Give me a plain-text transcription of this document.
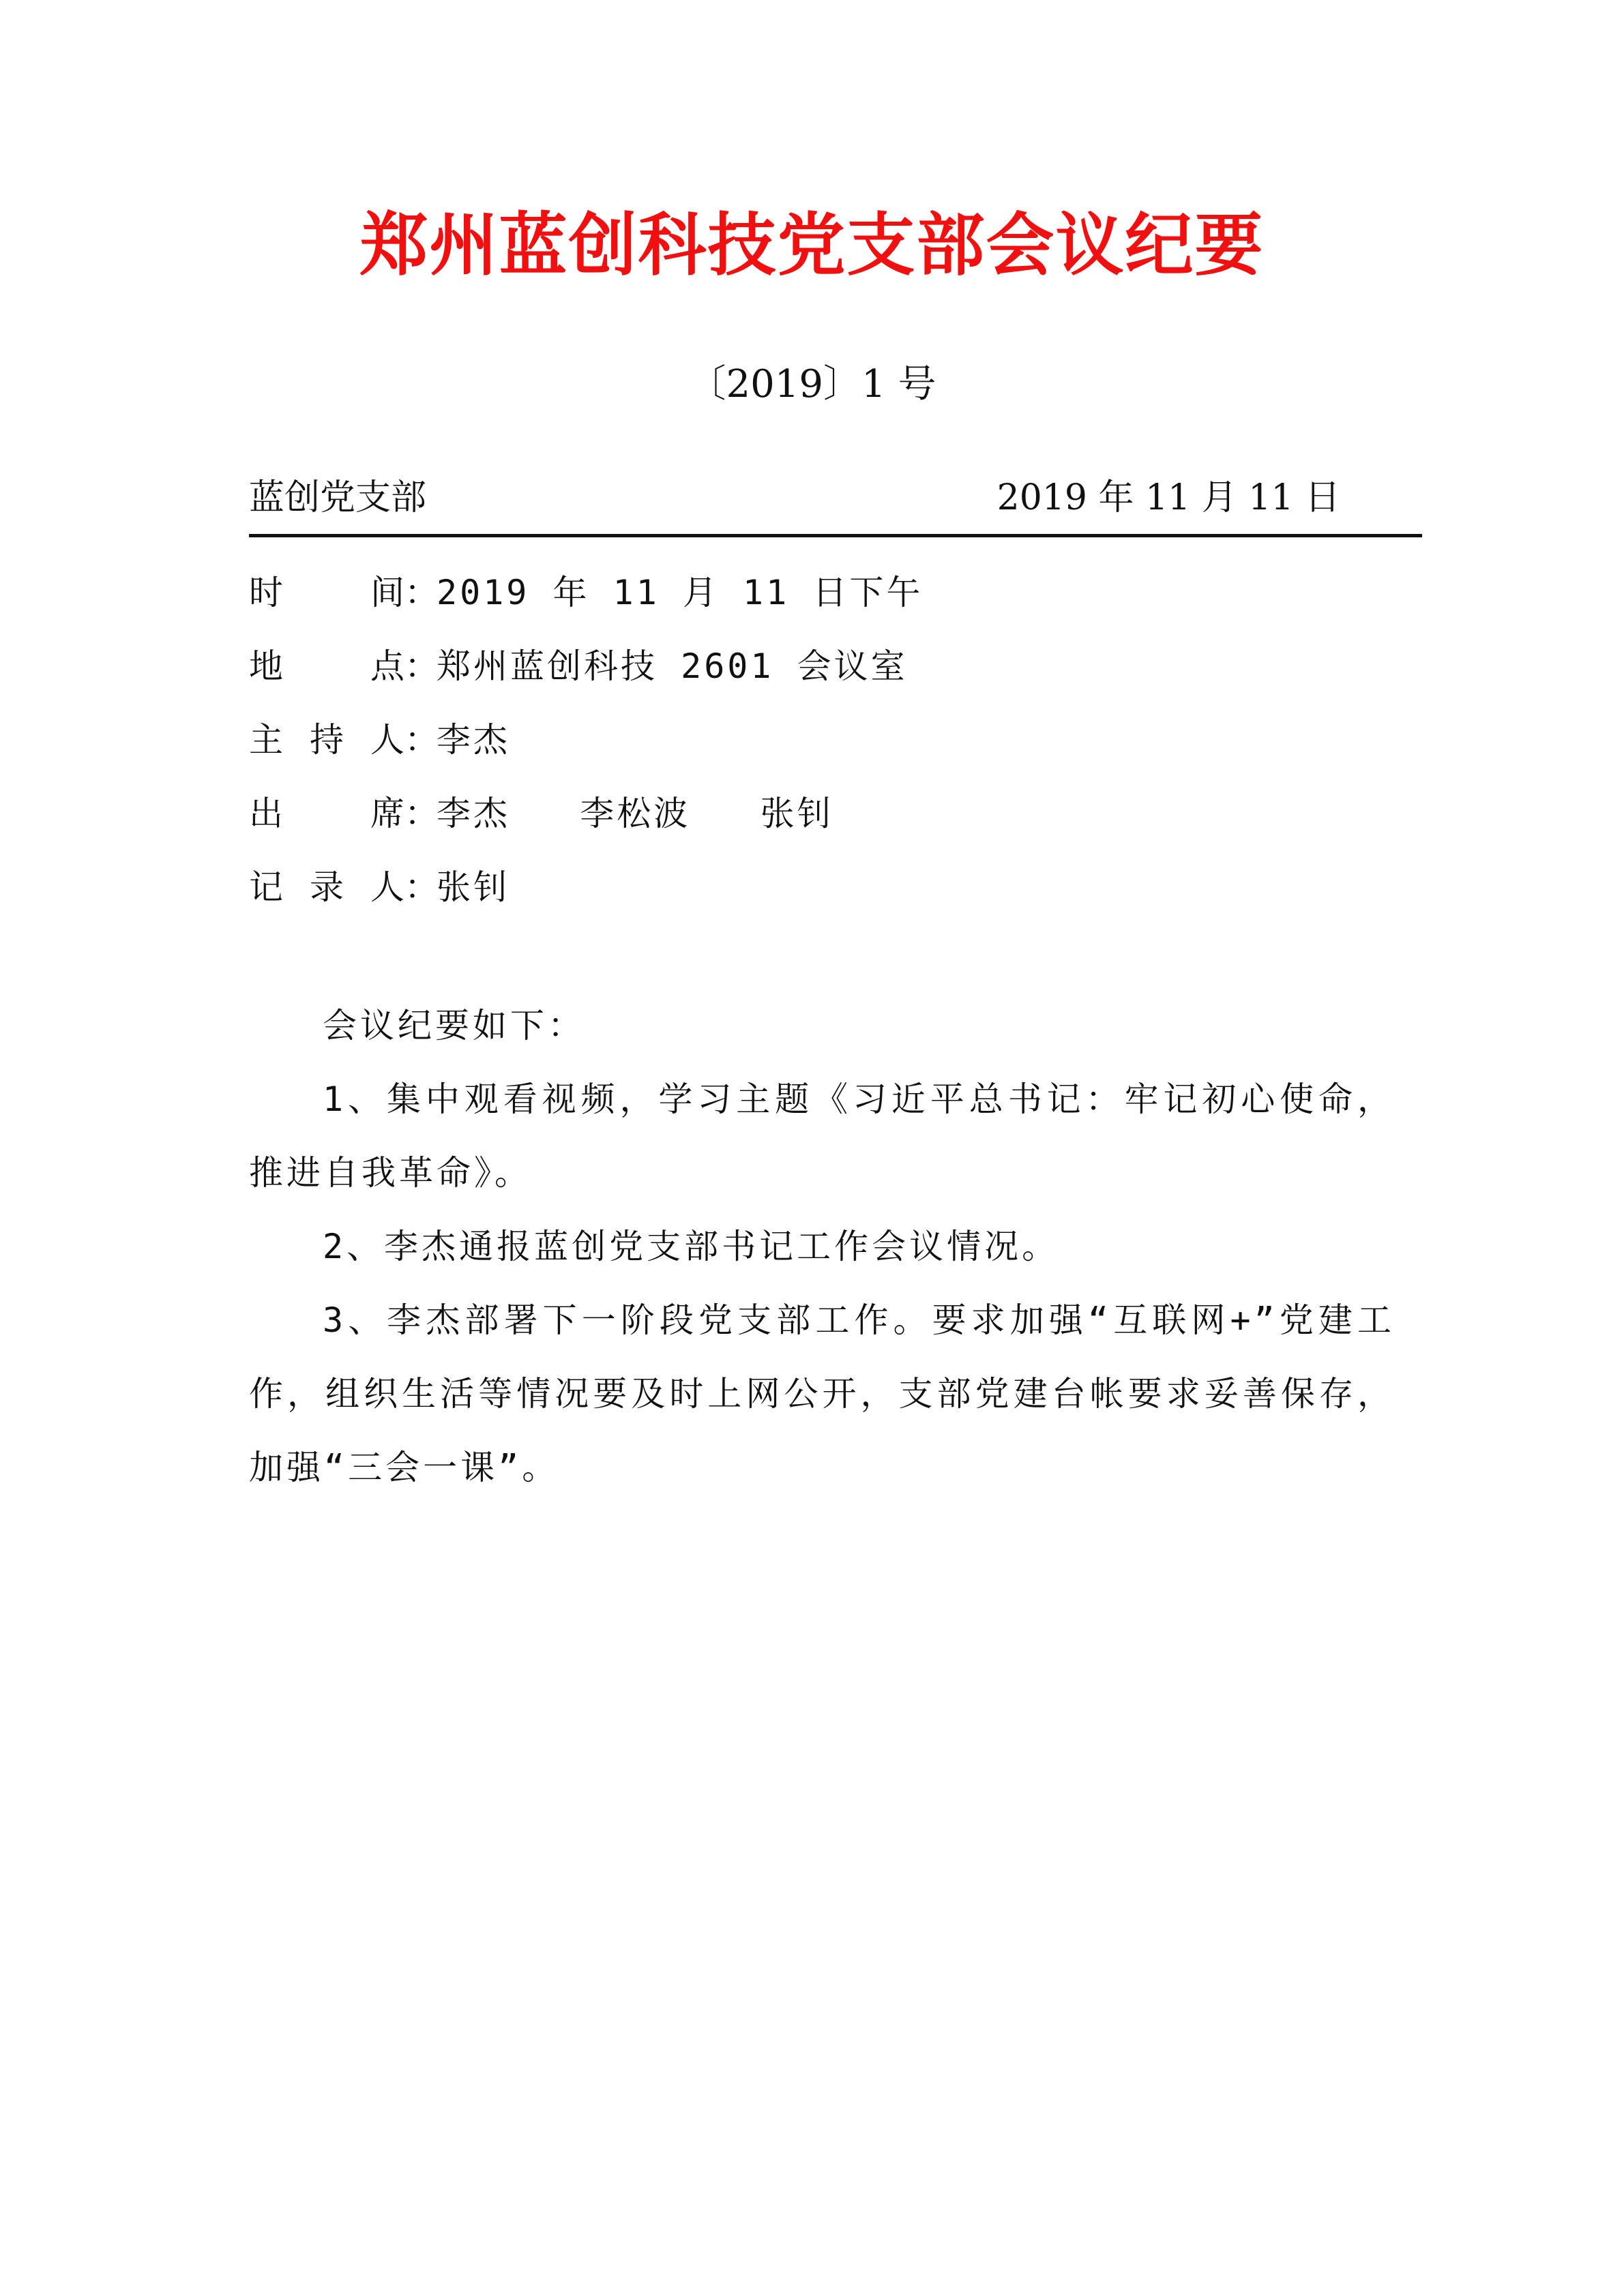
郑州蓝创科技党支部会议纪要
〔2019〕1 号
蓝创党支部	2019 年 11 月 11 日
时	间 ：
2019 年 11 月 11 日下午
地	点 ：
郑州蓝创科技 2601 会议室
主 持 人 ：
李杰
出	席 ：
李杰   李松波   张钊
记 录 人 ：
张钊

会议纪要如下：

1、集中观看视频，学习主题《习近平总书记：牢记初心使命，推进自我革命》。

2、李杰通报蓝创党支部书记工作会议情况。

3、李杰部署下一阶段党支部工作。要求加强“互联网+”党建工作，组织生活等情况要及时上网公开，支部党建台帐要求妥善保存，加强“三会一课”。
